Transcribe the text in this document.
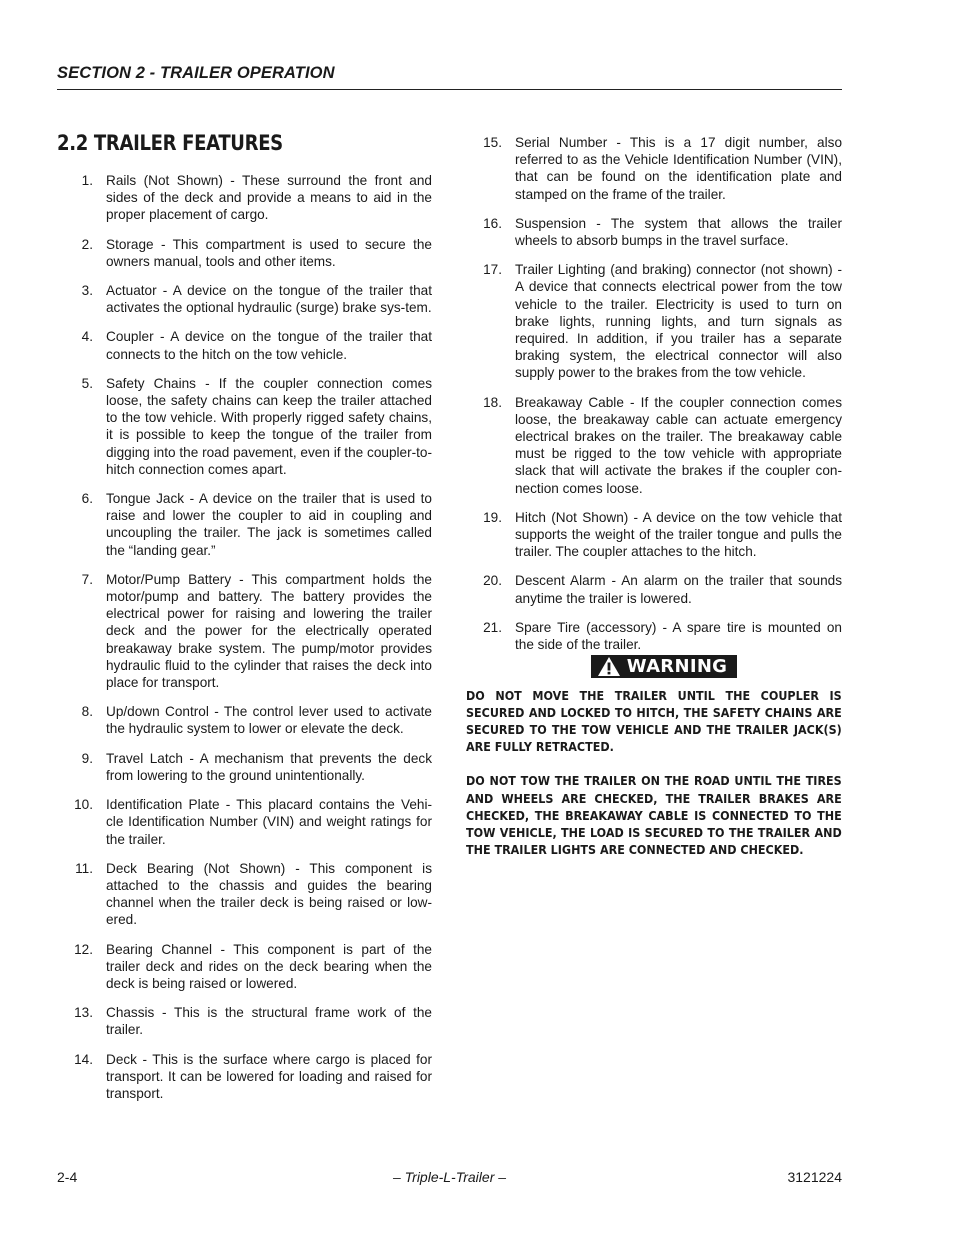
SECTION 2 - TRAILER OPERATION
2.2 TRAILER FEATURES
1. Rails (Not Shown) - These surround the front and sides of the deck and provide a means to aid in the proper placement of cargo.
2. Storage - This compartment is used to secure the owners manual, tools and other items.
3. Actuator - A device on the tongue of the trailer that activates the optional hydraulic (surge) brake sys-tem.
4. Coupler - A device on the tongue of the trailer that connects to the hitch on the tow vehicle.
5. Safety Chains - If the coupler connection comes loose, the safety chains can keep the trailer attached to the tow vehicle. With properly rigged safety chains, it is possible to keep the tongue of the trailer from digging into the road pavement, even if the coupler-to-hitch connection comes apart.
6. Tongue Jack - A device on the trailer that is used to raise and lower the coupler to aid in coupling and uncoupling the trailer. The jack is sometimes called the “landing gear.”
7. Motor/Pump Battery - This compartment holds the motor/pump and battery. The battery provides the electrical power for raising and lowering the trailer deck and the power for the electrically operated breakaway brake system. The pump/motor provides hydraulic fluid to the cylinder that raises the deck into place for transport.
8. Up/down Control - The control lever used to activate the hydraulic system to lower or elevate the deck.
9. Travel Latch - A mechanism that prevents the deck from lowering to the ground unintentionally.
10. Identification Plate - This placard contains the Vehi-cle Identification Number (VIN) and weight ratings for the trailer.
11. Deck Bearing (Not Shown) - This component is attached to the chassis and guides the bearing channel when the trailer deck is being raised or low-ered.
12. Bearing Channel - This component is part of the trailer deck and rides on the deck bearing when the deck is being raised or lowered.
13. Chassis - This is the structural frame work of the trailer.
14. Deck - This is the surface where cargo is placed for transport. It can be lowered for loading and raised for transport.
15. Serial Number - This is a 17 digit number, also referred to as the Vehicle Identification Number (VIN), that can be found on the identification plate and stamped on the frame of the trailer.
16. Suspension - The system that allows the trailer wheels to absorb bumps in the travel surface.
17. Trailer Lighting (and braking) connector (not shown) - A device that connects electrical power from the tow vehicle to the trailer. Electricity is used to turn on brake lights, running lights, and turn signals as required. In addition, if you trailer has a separate braking system, the electrical connector will also supply power to the brakes from the tow vehicle.
18. Breakaway Cable - If the coupler connection comes loose, the breakaway cable can actuate emergency electrical brakes on the trailer. The breakaway cable must be rigged to the tow vehicle with appropriate slack that will activate the brakes if the coupler con-nection comes loose.
19. Hitch (Not Shown) - A device on the tow vehicle that supports the weight of the trailer tongue and pulls the trailer. The coupler attaches to the hitch.
20. Descent Alarm - An alarm on the trailer that sounds anytime the trailer is lowered.
21. Spare Tire (accessory) - A spare tire is mounted on the side of the trailer.
WARNING

DO NOT MOVE THE TRAILER UNTIL THE COUPLER IS SECURED AND LOCKED TO HITCH, THE SAFETY CHAINS ARE SECURED TO THE TOW VEHICLE AND THE TRAILER JACK(S) ARE FULLY RETRACTED.

DO NOT TOW THE TRAILER ON THE ROAD UNTIL THE TIRES AND WHEELS ARE CHECKED, THE TRAILER BRAKES ARE CHECKED, THE BREAKAWAY CABLE IS CONNECTED TO THE TOW VEHICLE, THE LOAD IS SECURED TO THE TRAILER AND THE TRAILER LIGHTS ARE CONNECTED AND CHECKED.

2-4	– Triple-L-Trailer –	3121224
